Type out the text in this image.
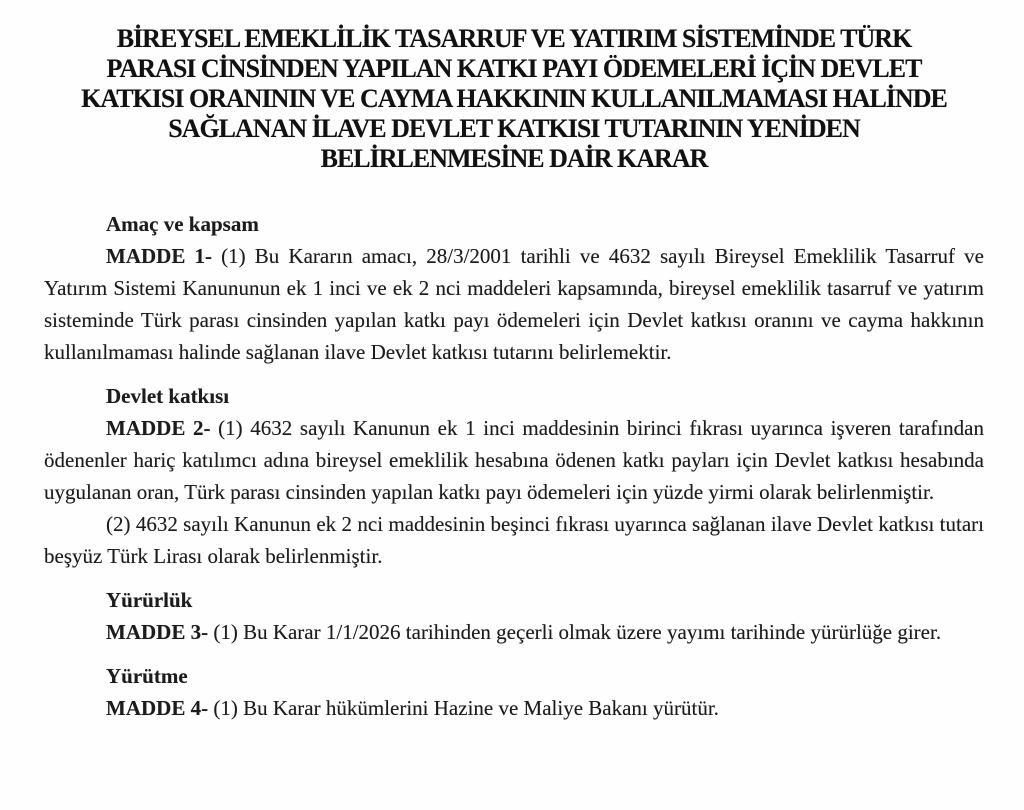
BİREYSEL EMEKLİLİK TASARRUF VE YATIRIM SİSTEMİNDE TÜRK
PARASI CİNSİNDEN YAPILAN KATKI PAYI ÖDEMELERİ İÇİN DEVLET
KATKISI ORANININ VE CAYMA HAKKININ KULLANILMAMASI HALİNDE
SAĞLANAN İLAVE DEVLET KATKISI TUTARININ YENİDEN
BELİRLENMESİNE DAİR KARAR
Amaç ve kapsam

MADDE 1- (1) Bu Kararın amacı, 28/3/2001 tarihli ve 4632 sayılı Bireysel Emeklilik Tasarruf ve Yatırım Sistemi Kanununun ek 1 inci ve ek 2 nci maddeleri kapsamında, bireysel emeklilik tasarruf ve yatırım sisteminde Türk parası cinsinden yapılan katkı payı ödemeleri için Devlet katkısı oranını ve cayma hakkının kullanılmaması halinde sağlanan ilave Devlet katkısı tutarını belirlemektir.

Devlet katkısı

MADDE 2- (1) 4632 sayılı Kanunun ek 1 inci maddesinin birinci fıkrası uyarınca işveren tarafından ödenenler hariç katılımcı adına bireysel emeklilik hesabına ödenen katkı payları için Devlet katkısı hesabında uygulanan oran, Türk parası cinsinden yapılan katkı payı ödemeleri için yüzde yirmi olarak belirlenmiştir.

(2) 4632 sayılı Kanunun ek 2 nci maddesinin beşinci fıkrası uyarınca sağlanan ilave Devlet katkısı tutarı beşyüz Türk Lirası olarak belirlenmiştir.

Yürürlük

MADDE 3- (1) Bu Karar 1/1/2026 tarihinden geçerli olmak üzere yayımı tarihinde yürürlüğe girer.

Yürütme

MADDE 4- (1) Bu Karar hükümlerini Hazine ve Maliye Bakanı yürütür.
